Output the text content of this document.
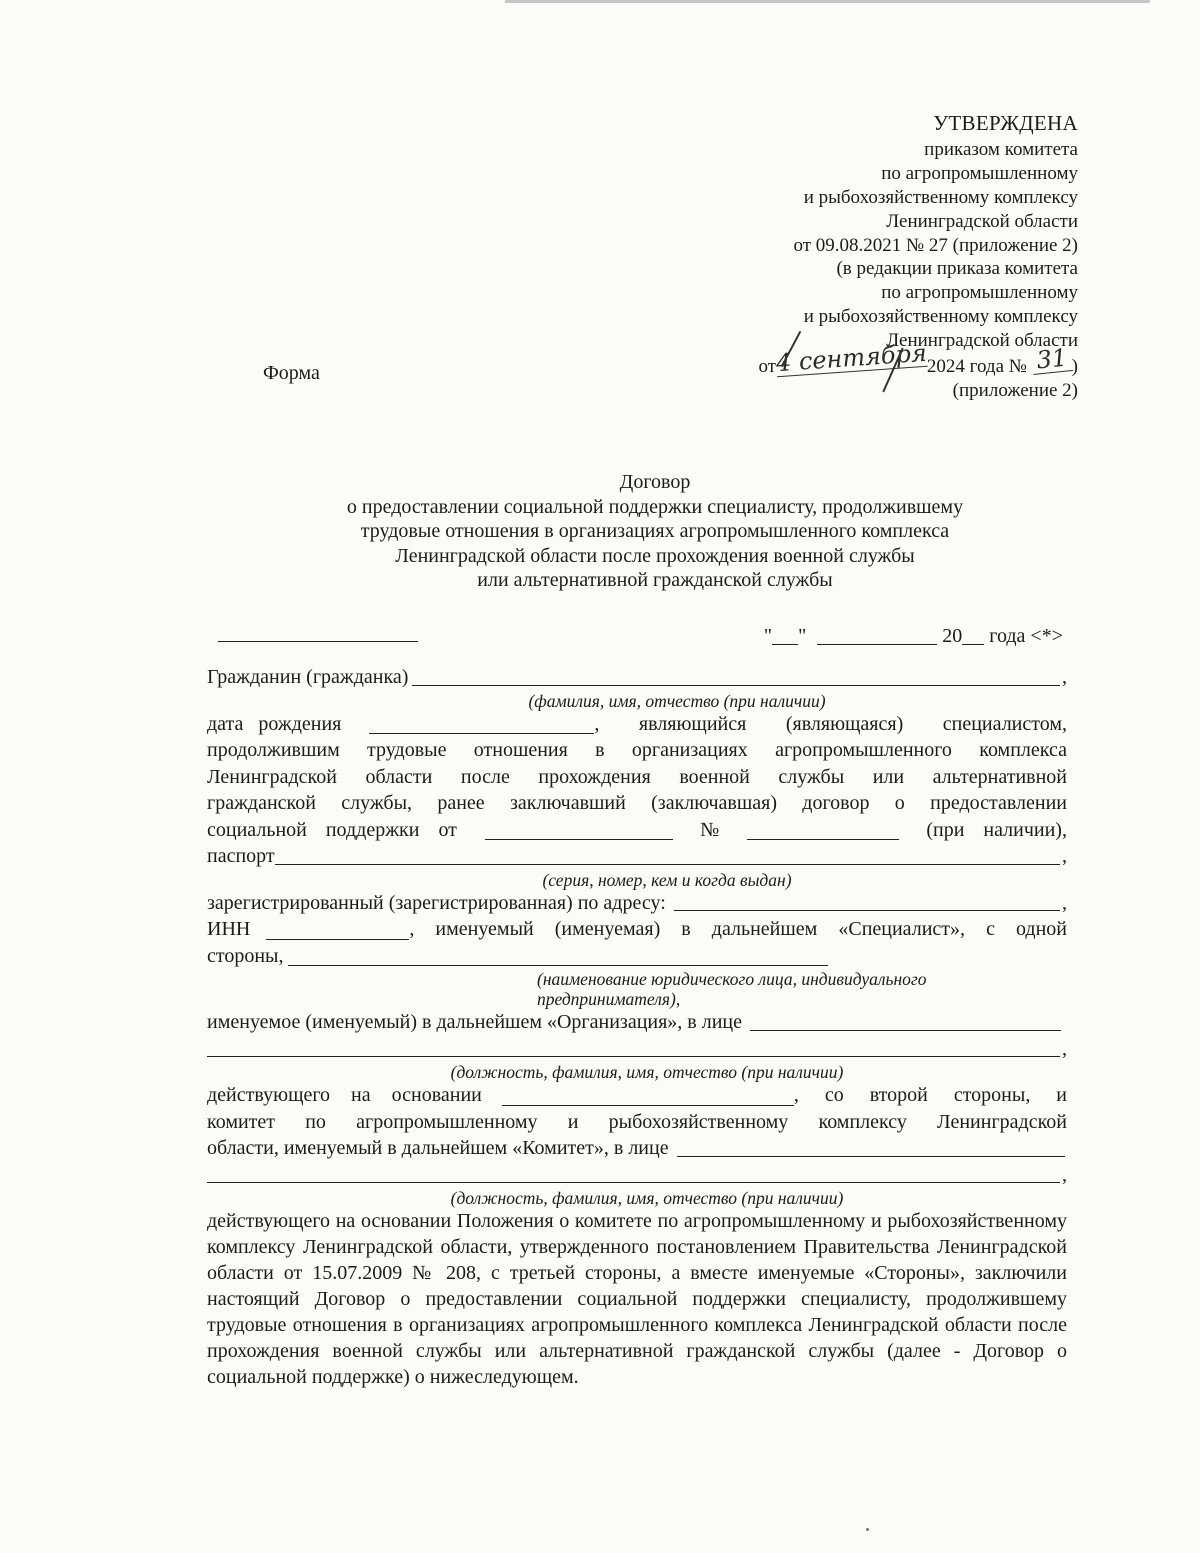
УТВЕРЖДЕНА
приказом комитета
по агропромышленному
и рыбохозяйственному комплексу
Ленинградской области
от 09.08.2021 № 27 (приложение 2)
(в редакции приказа комитета
по агропромышленному
и рыбохозяйственному комплексу
Ленинградской области
от4 сентября2024 года № 31 )
(приложение 2)
Форма
Договор
о предоставлении социальной поддержки специалисту, продолжившему
трудовые отношения в организациях агропромышленного комплекса
Ленинградской области после прохождения военной службы
или альтернативной гражданской службы
" "	20 года <*>
Гражданин (гражданка)	,

(фамилия, имя, отчество (при наличии)

дата рождения	, являющийся (являющаяся) специалистом,
продолжившим трудовые отношения в организациях агропромышленного комплекса
Ленинградской области после прохождения военной службы или альтернативной
гражданской службы, ранее заключавший (заключавшая) договор о предоставлении
социальной поддержки от	№	(при наличии),
паспорт	,

(серия, номер, кем и когда выдан)

зарегистрированный (зарегистрированная) по адресу:	,
ИНН	, именуемый (именуемая) в дальнейшем «Специалист», с одной
стороны,

(наименование юридического лица, индивидуального предпринимателя),

именуемое (именуемый) в дальнейшем «Организация», в лице
,

(должность, фамилия, имя, отчество (при наличии)

действующего на основании	, со второй стороны, и
комитет по агропромышленному и рыбохозяйственному комплексу Ленинградской
области, именуемый в дальнейшем «Комитет», в лице
,

(должность, фамилия, имя, отчество (при наличии)

действующего на основании Положения о комитете по агропромышленному и рыбохозяйственному комплексу Ленинградской области, утвержденного постановлением Правительства Ленинградской области от 15.07.2009 № 208, с третьей стороны, а вместе именуемые «Стороны», заключили настоящий Договор о предоставлении социальной поддержки специалисту, продолжившему трудовые отношения в организациях агропромышленного комплекса Ленинградской области после прохождения военной службы или альтернативной гражданской службы (далее - Договор о социальной поддержке) о нижеследующем.
